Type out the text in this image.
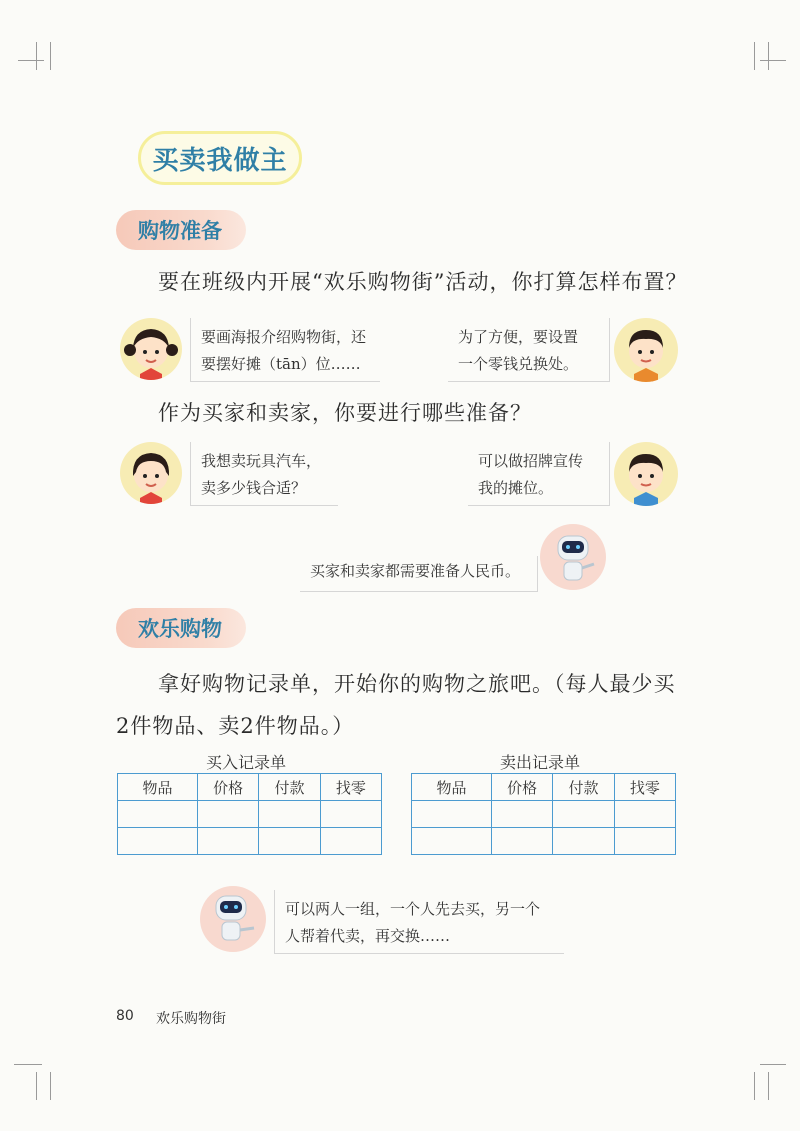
买卖我做主
购物准备
要在班级内开展“欢乐购物街”活动，你打算怎样布置？
要画海报介绍购物街，还
要摆好摊（tān）位……
为了方便，要设置
一个零钱兑换处。
作为买家和卖家，你要进行哪些准备？
我想卖玩具汽车，
卖多少钱合适？
可以做招牌宣传
我的摊位。
买家和卖家都需要准备人民币。
欢乐购物
拿好购物记录单，开始你的购物之旅吧。（每人最少买
2件物品、卖2件物品。）
买入记录单
物品	价格	付款	找零

卖出记录单
物品	价格	付款	找零

可以两人一组，一个人先去买，另一个
人帮着代卖，再交换……
80 欢乐购物街
